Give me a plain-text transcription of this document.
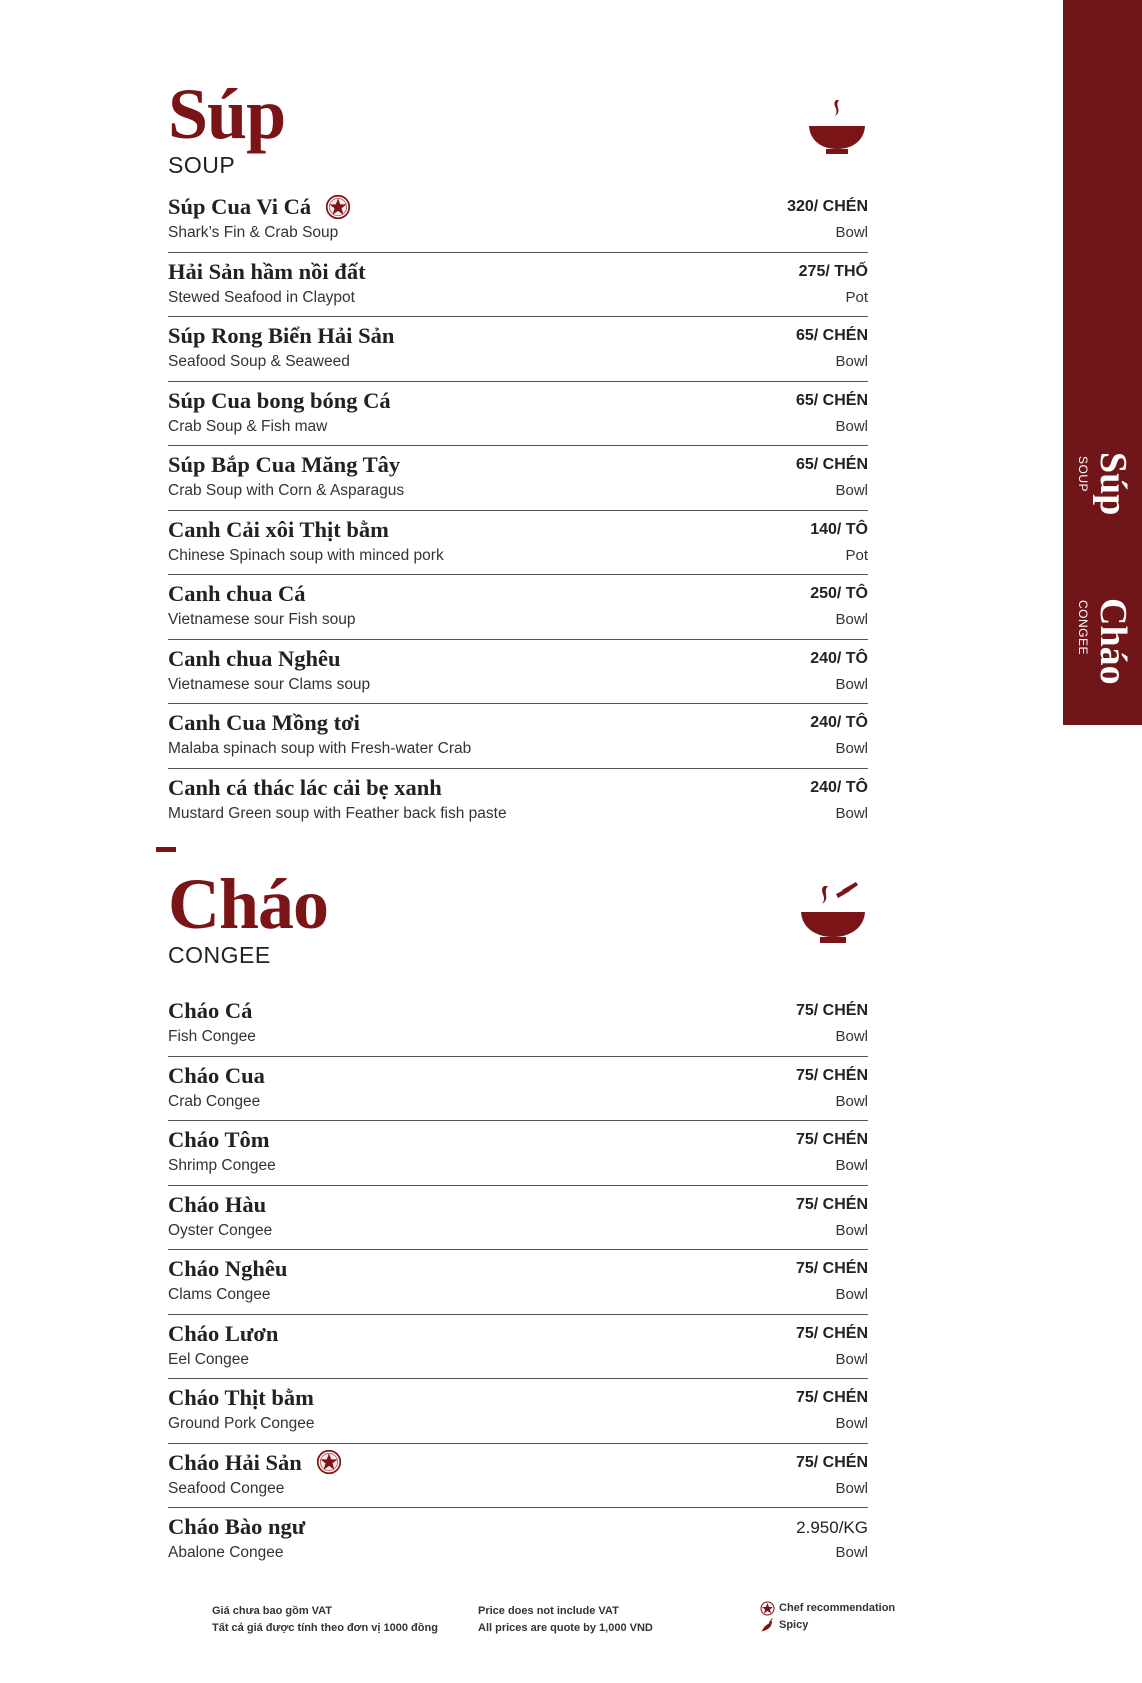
Súp
SOUP
Súp Cua Vi Cá
Shark’s Fin & Crab Soup
320/ CHÉN
Bowl
Hải Sản hầm nồi đất
Stewed Seafood in Claypot
275/ THỐ
Pot
Súp Rong Biển Hải Sản
Seafood Soup & Seaweed
65/ CHÉN
Bowl
Súp Cua bong bóng Cá
Crab Soup & Fish maw
65/ CHÉN
Bowl
Súp Bắp Cua Măng Tây
Crab Soup with Corn & Asparagus
65/ CHÉN
Bowl
Canh Cải xôi Thịt bằm
Chinese Spinach soup with minced pork
140/ TÔ
Pot
Canh chua Cá
Vietnamese sour Fish soup
250/ TÔ
Bowl
Canh chua Nghêu
Vietnamese sour Clams soup
240/ TÔ
Bowl
Canh Cua Mồng tơi
Malaba spinach soup with Fresh-water Crab
240/ TÔ
Bowl
Canh cá thác lác cải bẹ xanh
Mustard Green soup with Feather back fish paste
240/ TÔ
Bowl
Cháo
CONGEE
Cháo Cá
Fish Congee
75/ CHÉN
Bowl
Cháo Cua
Crab Congee
75/ CHÉN
Bowl
Cháo Tôm
Shrimp Congee
75/ CHÉN
Bowl
Cháo Hàu
Oyster Congee
75/ CHÉN
Bowl
Cháo Nghêu
Clams Congee
75/ CHÉN
Bowl
Cháo Lươn
Eel Congee
75/ CHÉN
Bowl
Cháo Thịt bằm
Ground Pork Congee
75/ CHÉN
Bowl
Cháo Hải Sản
Seafood Congee
75/ CHÉN
Bowl
Cháo Bào ngư
Abalone Congee
2.950/KG
Bowl
Súp
SOUP
Cháo
CONGEE
Giá chưa bao gồm VAT
Tất cả giá được tính theo đơn vị 1000 đồng
Price does not include VAT
All prices are quote by 1,000 VND
Chef recommendation
Spicy
